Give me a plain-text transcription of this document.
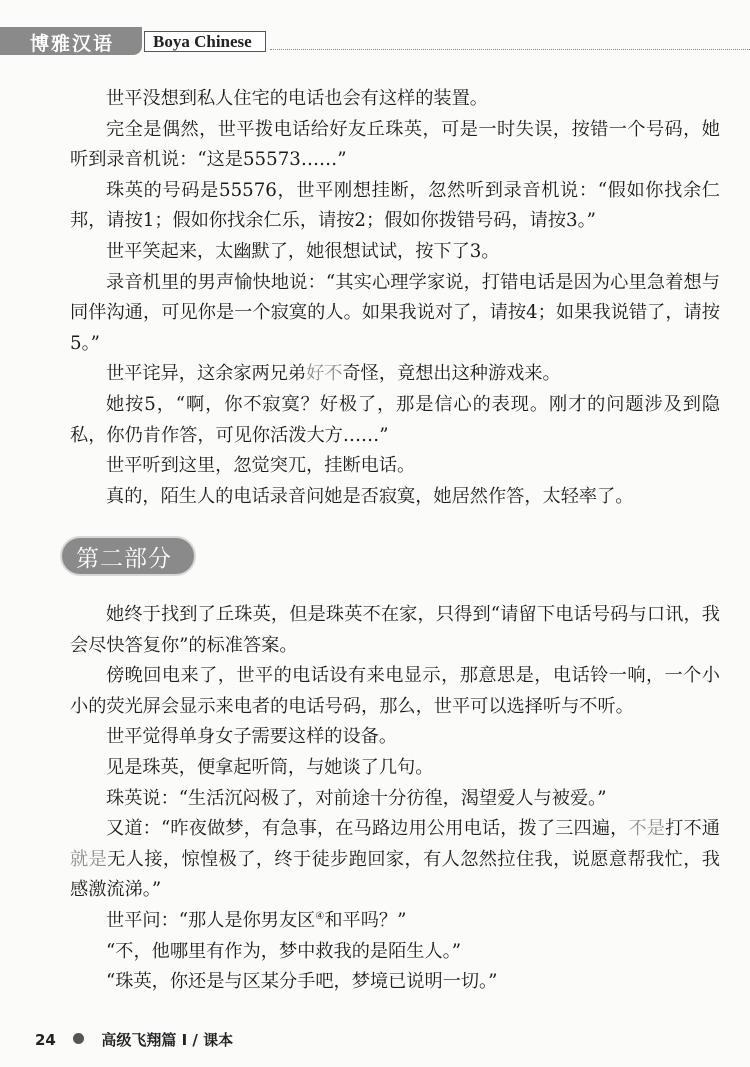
博雅汉语 Boya Chinese

世平没想到私人住宅的电话也会有这样的装置。

完全是偶然，世平拨电话给好友丘珠英，可是一时失误，按错一个号码，她听到录音机说：“这是55573……”

珠英的号码是55576，世平刚想挂断，忽然听到录音机说：“假如你找余仁邦，请按1；假如你找余仁乐，请按2；假如你拨错号码，请按3。”

世平笑起来，太幽默了，她很想试试，按下了3。

录音机里的男声愉快地说：“其实心理学家说，打错电话是因为心里急着想与同伴沟通，可见你是一个寂寞的人。如果我说对了，请按4；如果我说错了，请按5。”

世平诧异，这余家两兄弟好不奇怪，竟想出这种游戏来。

她按5，“啊，你不寂寞？好极了，那是信心的表现。刚才的问题涉及到隐私，你仍肯作答，可见你活泼大方……”

世平听到这里，忽觉突兀，挂断电话。

真的，陌生人的电话录音问她是否寂寞，她居然作答，太轻率了。

第二部分

她终于找到了丘珠英，但是珠英不在家，只得到“请留下电话号码与口讯，我会尽快答复你”的标准答案。

傍晚回电来了，世平的电话设有来电显示，那意思是，电话铃一响，一个小小的荧光屏会显示来电者的电话号码，那么，世平可以选择听与不听。

世平觉得单身女子需要这样的设备。

见是珠英，便拿起听筒，与她谈了几句。

珠英说：“生活沉闷极了，对前途十分彷徨，渴望爱人与被爱。”

又道：“昨夜做梦，有急事，在马路边用公用电话，拨了三四遍，不是打不通就是无人接，惊惶极了，终于徒步跑回家，有人忽然拉住我，说愿意帮我忙，我感激流涕。”

世平问：“那人是你男友区④和平吗？”

“不，他哪里有作为，梦中救我的是陌生人。”

“珠英，你还是与区某分手吧，梦境已说明一切。”

24	高级飞翔篇 I / 课本
